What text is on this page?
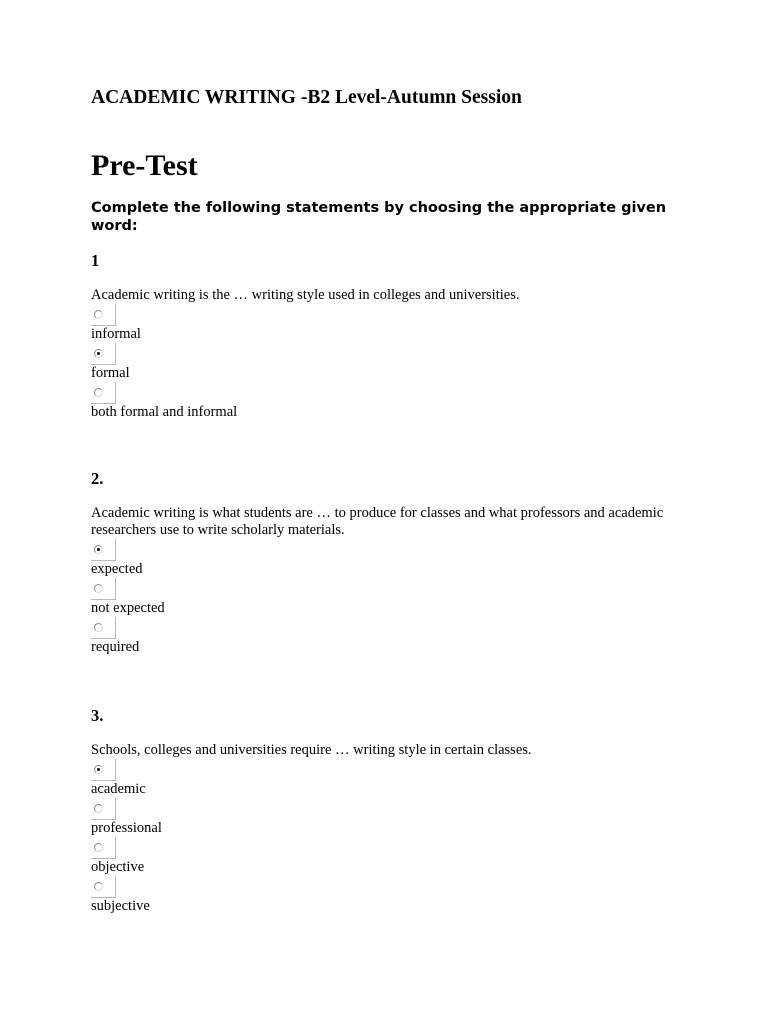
ACADEMIC WRITING -B2 Level-Autumn Session
Pre-Test

Complete the following statements by choosing the appropriate given word:

1

Academic writing is the … writing style used in colleges and universities.

informal

formal

both formal and informal

2.

Academic writing is what students are … to produce for classes and what professors and academic researchers use to write scholarly materials.

expected

not expected

required

3.

Schools, colleges and universities require … writing style in certain classes.

academic

professional

objective

subjective
